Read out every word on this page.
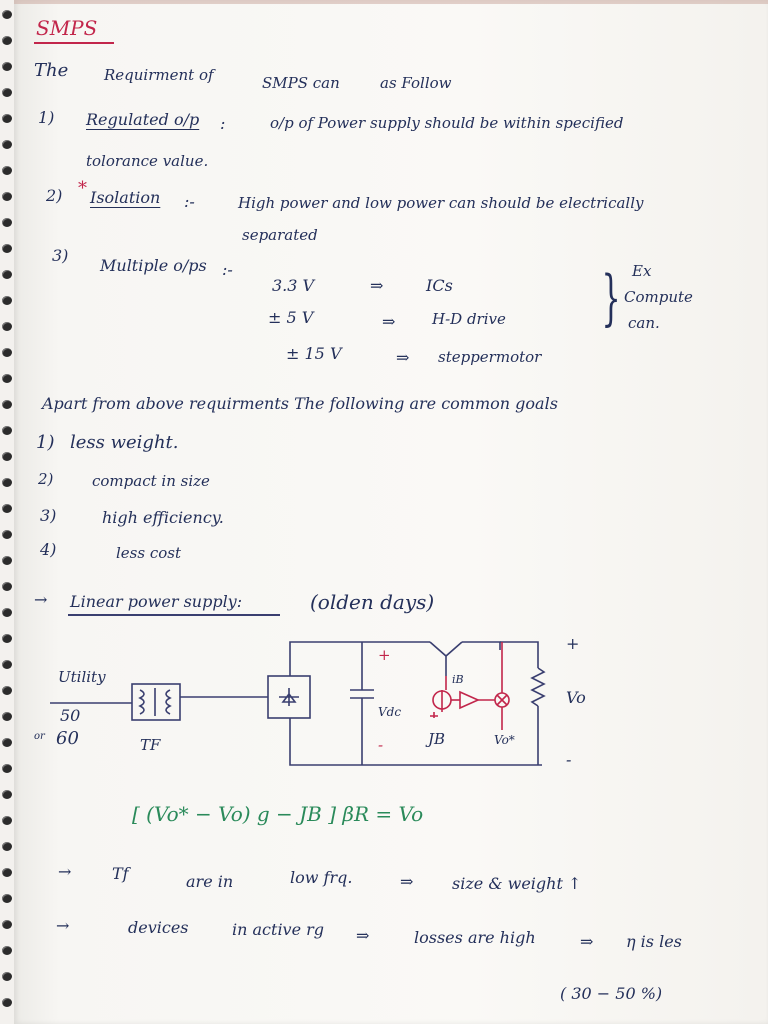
SMPS
The Requirment of	SMPS can	as Follow
1) Regulated o/p :	o/p of Power supply should be within specified
tolorance value.
2) * Isolation :-	High power and low power can should be electrically
separated
3)
Multiple o/ps :-
3.3 V	⇒	ICs
± 5 V	⇒ H-D drive
± 15 V	⇒ steppermotor
} Ex
Compute
can.
Apart from above requirments The following are common goals
1) less weight.
2)	compact in size
3)	high efficiency.
4)	less cost
→ Linear power supply:	(olden days)
Utility
50
or 60	TF
+
-
Vdc
iB
JB	Vo*
+
Vo
-
[ (Vo* − Vo) g − JB ] βR = Vo
→	Tf	are in	low frq.	⇒ size & weight ↑
→	devices	in active rg ⇒	losses are high	⇒ η is les
( 30 − 50 %)
